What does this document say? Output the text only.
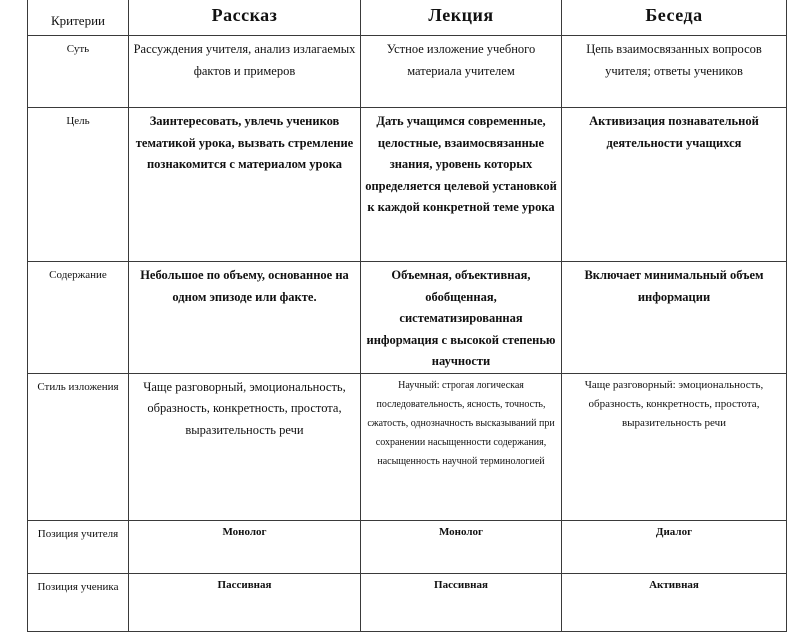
Критерии	Рассказ	Лекция	Беседа
Суть	Рассуждения учителя, анализ излагаемых фактов и примеров	Устное изложение учебного материала учителем	Цепь взаимосвязанных вопросов учителя; ответы учеников
Цель	Заинтересовать, увлечь учеников тематикой урока, вызвать стремление познакомится с материалом урока	Дать учащимся современные, целостные, взаимосвязанные знания, уровень которых определяется целевой установкой к каждой конкретной теме урока	Активизация познавательной деятельности учащихся
Содержание	Небольшое по объему, основанное на одном эпизоде или факте.	Объемная, объективная, обобщенная, систематизированная информация с высокой степенью научности	Включает минимальный объем информации
Стиль изложения	Чаще разговорный, эмоциональность, образность, конкретность, простота, выразительность речи	Научный: строгая логическая последовательность, ясность, точность, сжатость, однозначность высказываний при сохранении насыщенности содержания, насыщенность научной терминологией	Чаще разговорный: эмоциональность, образность, конкретность, простота, выразительность речи
Позиция учителя	Монолог	Монолог	Диалог
Позиция ученика	Пассивная	Пассивная	Активная
